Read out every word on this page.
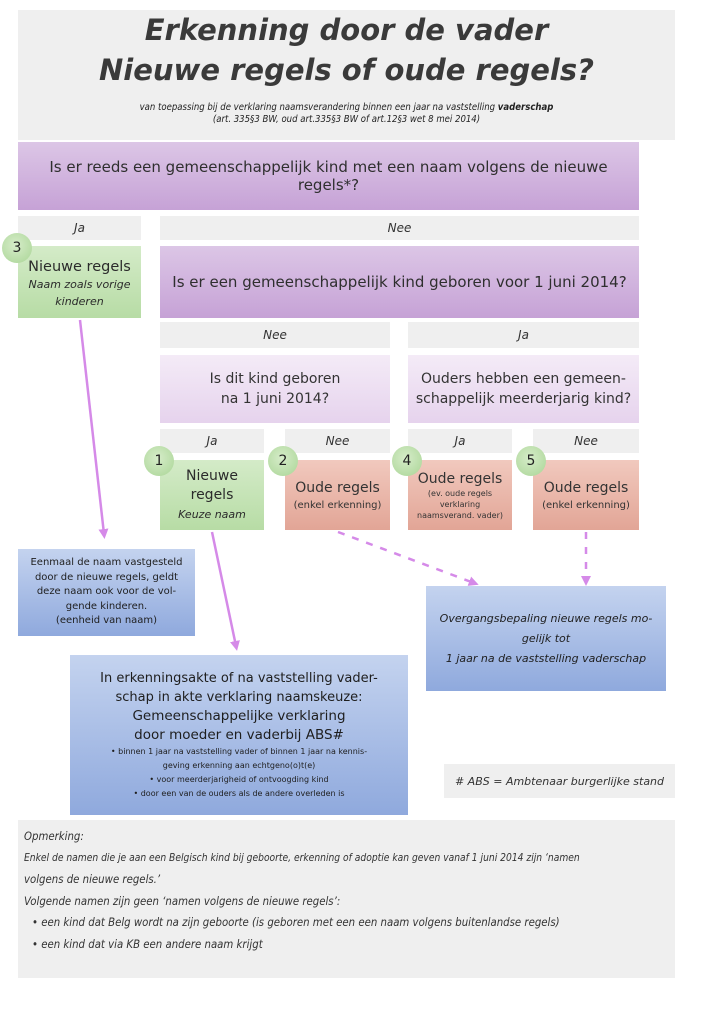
Erkenning door de vader
Nieuwe regels of oude regels?
van toepassing bij de verklaring naamsverandering binnen een jaar na vaststelling vaderschap
(art. 335§3 BW, oud art.335§3 BW of art.12§3 wet 8 mei 2014)
Is er reeds een gemeenschappelijk kind met een naam volgens de nieuwe regels*?
Ja	Nee
Nieuwe regels
Naam zoals vorige
kinderen
3
Is er een gemeenschappelijk kind geboren voor 1 juni 2014?
Nee	Ja
Is dit kind geboren
na 1 juni 2014?
Ouders hebben een gemeen-
schappelijk meerderjarig kind?
Ja	Nee	Ja	Nee
Nieuwe
regels
Keuze naam
1
Oude regels
(enkel erkenning)
2
Oude regels
(ev. oude regels
verklaring
naamsverand. vader)
4
Oude regels
(enkel erkenning)
5
Eenmaal de naam vastgesteld
door de nieuwe regels, geldt
deze naam ook voor de vol-
gende kinderen.
(eenheid van naam)	Overgangsbepaling nieuwe regels mo-
gelijk tot
1 jaar na de vaststelling vaderschap
In erkenningsakte of na vaststelling vader-
schap in akte verklaring naamskeuze:
Gemeenschappelijke verklaring
door moeder en vaderbij ABS#
• binnen 1 jaar na vaststelling vader of binnen 1 jaar na kennis-
geving erkenning aan echtgeno(o)t(e)
• voor meerderjarigheid of ontvoogding kind
• door een van de ouders als de andere overleden is
# ABS = Ambtenaar burgerlijke stand
Opmerking:
Enkel de namen die je aan een Belgisch kind bij geboorte, erkenning of adoptie kan geven vanaf 1 juni 2014 zijn ‘namen
volgens de nieuwe regels.’
Volgende namen zijn geen ‘namen volgens de nieuwe regels’:
• een kind dat Belg wordt na zijn geboorte (is geboren met een een naam volgens buitenlandse regels)
• een kind dat via KB een andere naam krijgt
